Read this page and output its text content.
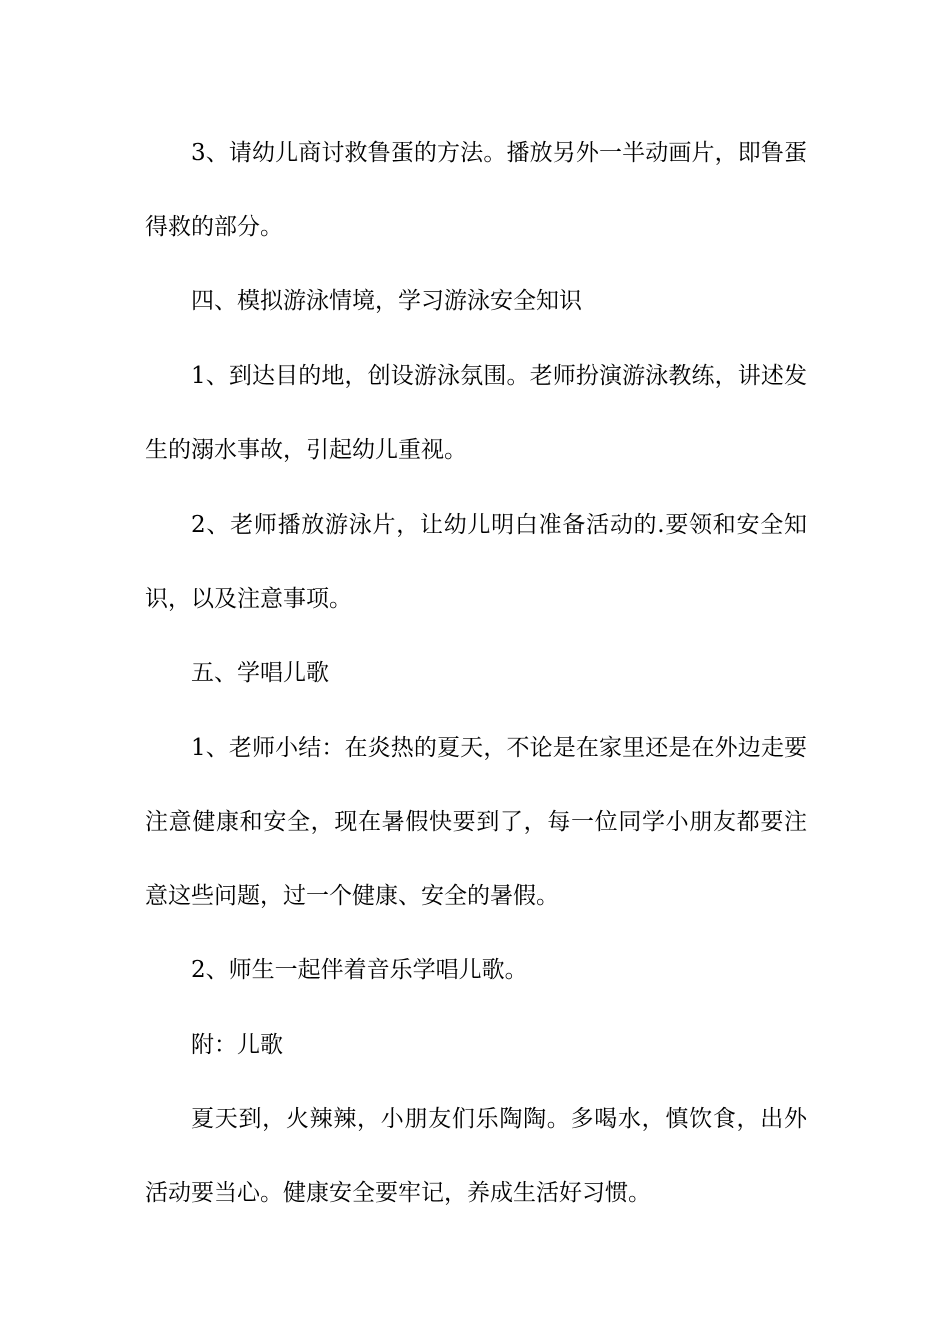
3、请幼儿商讨救鲁蛋的方法。播放另外一半动画片，即鲁蛋得救的部分。

四、模拟游泳情境，学习游泳安全知识

1、到达目的地，创设游泳氛围。老师扮演游泳教练，讲述发生的溺水事故，引起幼儿重视。

2、老师播放游泳片，让幼儿明白准备活动的.要领和安全知识，以及注意事项。

五、学唱儿歌

1、老师小结：在炎热的夏天，不论是在家里还是在外边走要注意健康和安全，现在暑假快要到了，每一位同学小朋友都要注意这些问题，过一个健康、安全的暑假。

2、师生一起伴着音乐学唱儿歌。

附：儿歌

夏天到，火辣辣，小朋友们乐陶陶。多喝水，慎饮食，出外活动要当心。健康安全要牢记，养成生活好习惯。
